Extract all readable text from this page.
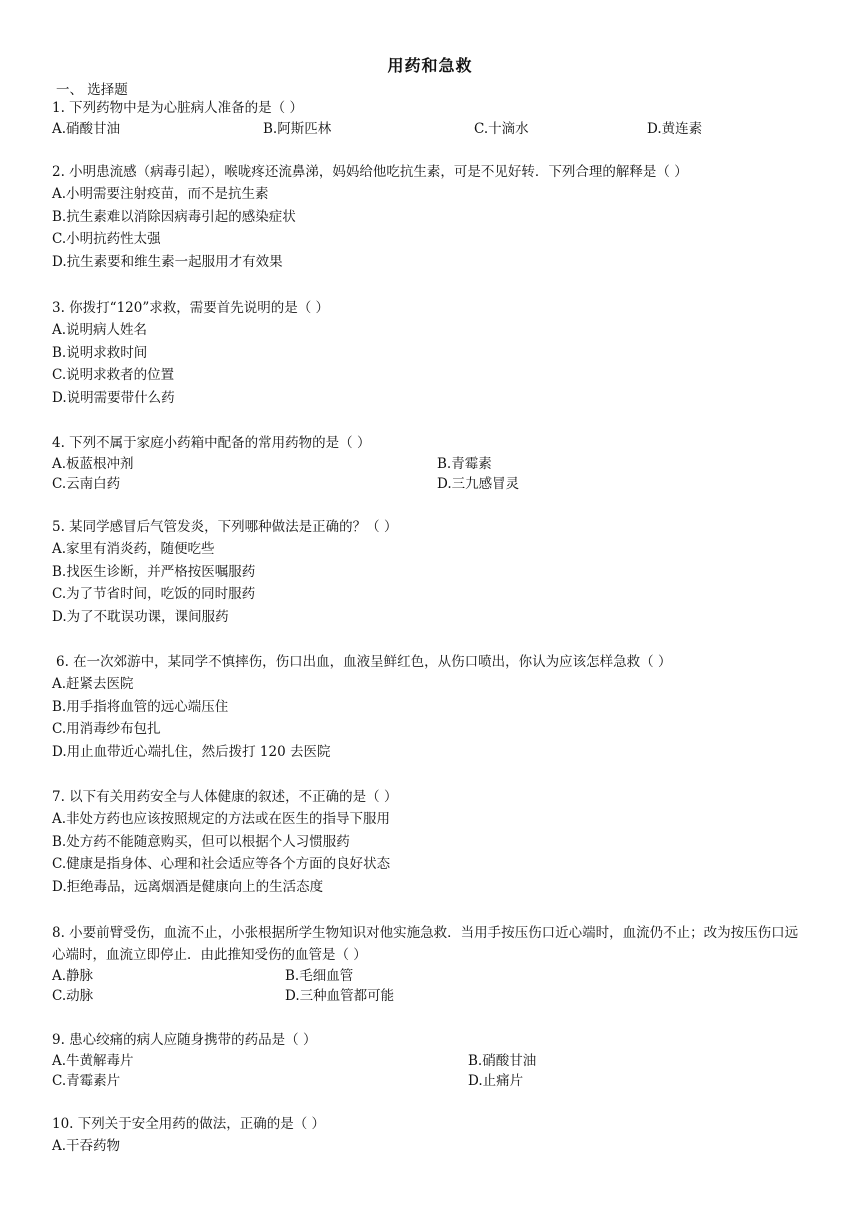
用药和急救
一、 选择题
1. 下列药物中是为心脏病人准备的是（ ）
A.硝酸甘油	B.阿斯匹林	C.十滴水	D.黄连素
2. 小明患流感（病毒引起），喉咙疼还流鼻涕，妈妈给他吃抗生素，可是不见好转．下列合理的解释是（ ）
A.小明需要注射疫苗，而不是抗生素
B.抗生素难以消除因病毒引起的感染症状
C.小明抗药性太强
D.抗生素要和维生素一起服用才有效果
3. 你拨打“120”求救，需要首先说明的是（ ）
A.说明病人姓名
B.说明求救时间
C.说明求救者的位置
D.说明需要带什么药
4. 下列不属于家庭小药箱中配备的常用药物的是（ ）
A.板蓝根冲剂	B.青霉素
C.云南白药	D.三九感冒灵
5. 某同学感冒后气管发炎，下列哪种做法是正确的？（ ）
A.家里有消炎药，随便吃些
B.找医生诊断，并严格按医嘱服药
C.为了节省时间，吃饭的同时服药
D.为了不耽误功课，课间服药
6. 在一次郊游中，某同学不慎摔伤，伤口出血，血液呈鲜红色，从伤口喷出，你认为应该怎样急救（ ）
A.赶紧去医院
B.用手指将血管的远心端压住
C.用消毒纱布包扎
D.用止血带近心端扎住，然后拨打 120 去医院
7. 以下有关用药安全与人体健康的叙述，不正确的是（ ）
A.非处方药也应该按照规定的方法或在医生的指导下服用
B.处方药不能随意购买，但可以根据个人习惯服药
C.健康是指身体、心理和社会适应等各个方面的良好状态
D.拒绝毒品，远离烟酒是健康向上的生活态度
8. 小要前臂受伤，血流不止，小张根据所学生物知识对他实施急救．当用手按压伤口近心端时，血流仍不止；改为按压伤口远心端时，血流立即停止．由此推知受伤的血管是（ ）
A.静脉	B.毛细血管
C.动脉	D.三种血管都可能
9. 患心绞痛的病人应随身携带的药品是（ ）
A.牛黄解毒片	B.硝酸甘油
C.青霉素片	D.止痛片
10. 下列关于安全用药的做法，正确的是（ ）
A.干吞药物
